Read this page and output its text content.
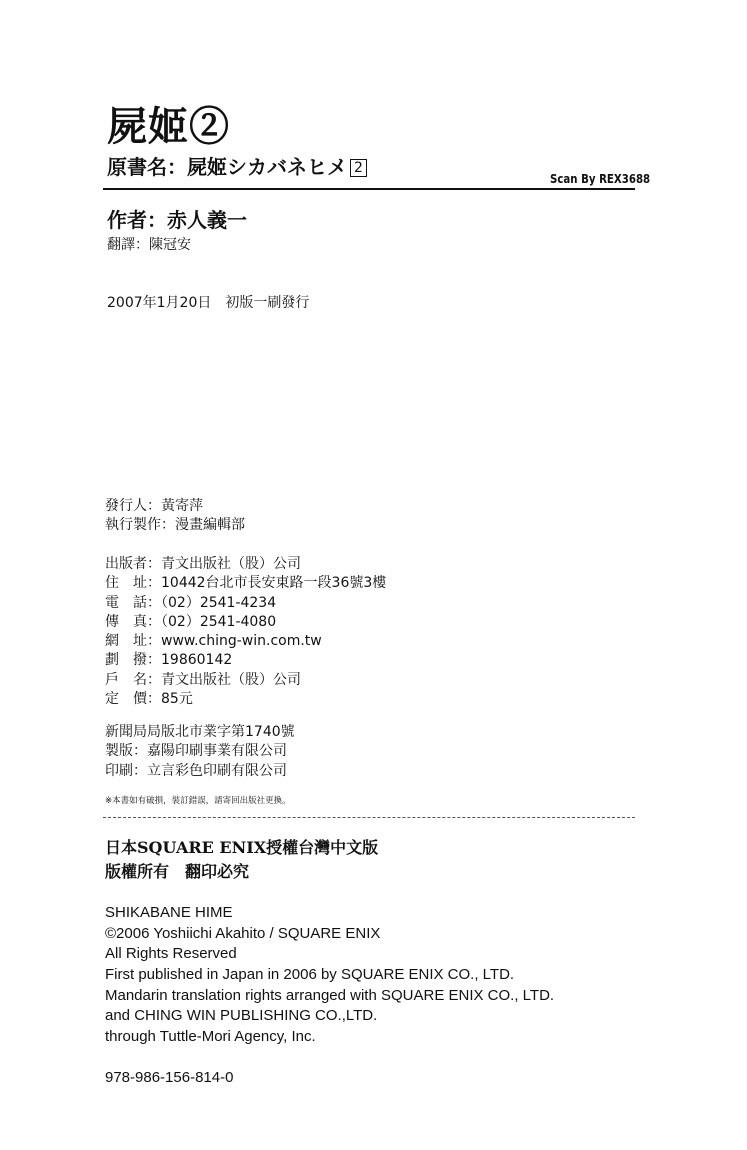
屍姬②
原書名：屍姬シカバネヒメ 2
Scan By REX3688
作者：赤人義一
翻譯：陳冠安
2007年1月20日　初版一刷發行
發行人：黃寄萍
執行製作：漫畫編輯部
出版者：青文出版社（股）公司
住　址：10442台北市長安東路一段36號3樓
電　話：（02）2541-4234
傳　真：（02）2541-4080
網　址：www.ching-win.com.tw
劃　撥：19860142
戶　名：青文出版社（股）公司
定　價：85元
新聞局局版北市業字第1740號
製版：嘉陽印刷事業有限公司
印刷：立言彩色印刷有限公司
※本書如有破損，裝訂錯誤，請寄回出版社更換。
日本SQUARE ENIX授權台灣中文版
版權所有　翻印必究
SHIKABANE HIME
©2006 Yoshiichi Akahito / SQUARE ENIX
All Rights Reserved
First published in Japan in 2006 by SQUARE ENIX CO., LTD.
Mandarin translation rights arranged with SQUARE ENIX CO., LTD.
and CHING WIN PUBLISHING CO.,LTD.
through Tuttle-Mori Agency, Inc.
978-986-156-814-0
